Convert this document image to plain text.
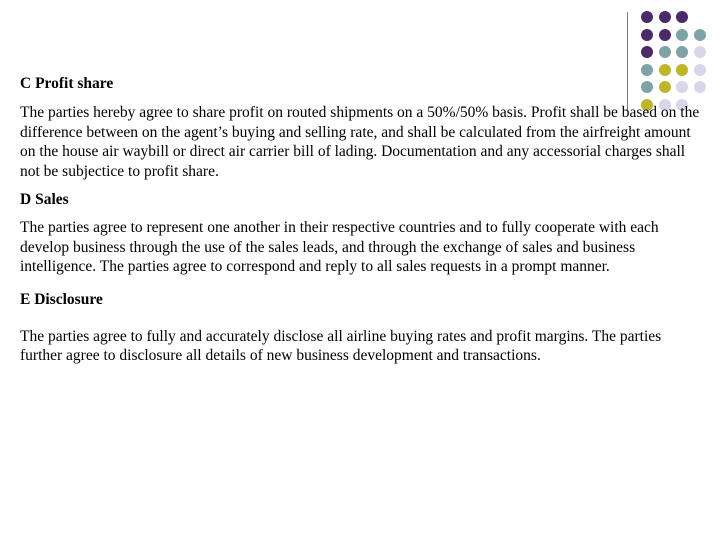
C Profit share

The parties hereby agree to share profit on routed shipments on a 50%/50% basis. Profit shall be based on the difference between on the agent’s buying and selling rate, and shall be calculated from the airfreight amount on the house air waybill or direct air carrier bill of lading. Documentation and any accessorial charges shall not be subjectice to profit share.

D Sales

The parties agree to represent one another in their respective countries and to fully cooperate with each develop business through the use of the sales leads, and through the exchange of sales and business intelligence. The parties agree to correspond and reply to all sales requests in a prompt manner.

E Disclosure

The parties agree to fully and accurately disclose all airline buying rates and profit margins. The parties further agree to disclosure all details of new business development and transactions.
